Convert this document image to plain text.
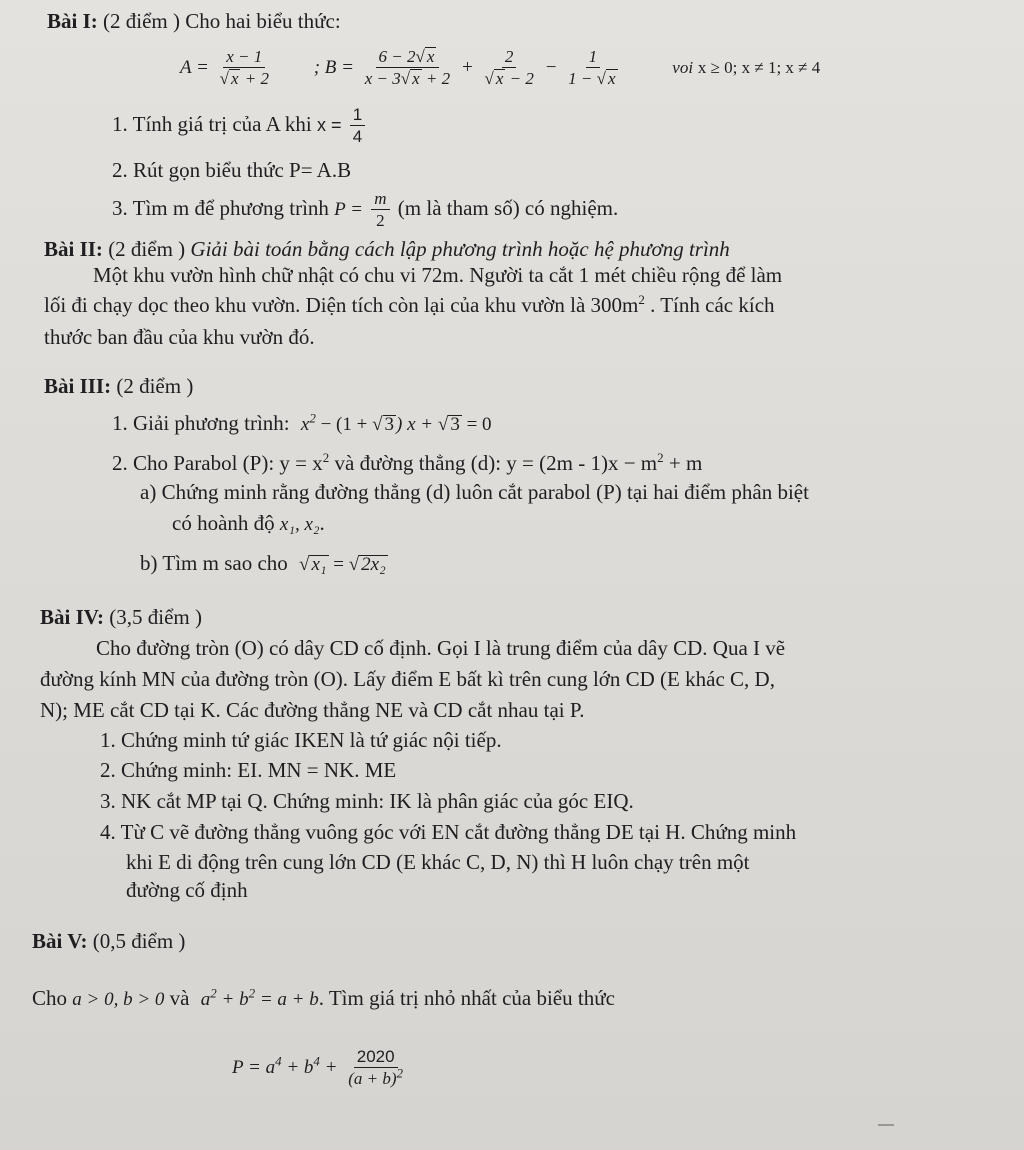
Bài I: (2 điểm ) Cho hai biểu thức:
$A = \frac{x - 1}{√ x + 2}$ ; $B = \frac{6 - 2√ x}{x - 3√ x + 2} + \frac{2}{√ x - 2} - \frac{1}{1 - √ x}$	voi x ≥ 0; x ≠ 1; x ≠ 4
1. Tính giá trị của A khi $x = \frac{1}{4}$
2. Rút gọn biểu thức P= A.B
3. Tìm m để phương trình $P = \frac{m}{2} (m$ là tham số) có nghiệm.
Bài II: (2 điểm ) Giải bài toán bằng cách lập phương trình hoặc hệ phương trình
Một khu vườn hình chữ nhật có chu vi 72m. Người ta cắt 1 mét chiều rộng để làm
lối đi chạy dọc theo khu vườn. Diện tích còn lại của khu vườn là $300m^2$ . Tính các kích
thước ban đầu của khu vườn đó.
Bài III: (2 điểm )
1. Giải phương trình: $x^2 - (1$ + √ 3 ) x + √ 3 = 0
2. Cho Parabol (P): $y = x^2$ và đường thẳng (d): $y = (2m - 1)x - m^2 + m$
a) Chứng minh rằng đường thẳng (d) luôn cắt parabol (P) tại hai điểm phân biệt
có hoành độ x₁, x₂.
b) Tìm m sao cho √ x₁ = √ 2x₂
Bài IV: (3,5 điểm )
Cho đường tròn (O) có dây CD cố định. Gọi I là trung điểm của dây CD. Qua I vẽ
đường kính MN của đường tròn (O). Lấy điểm E bất kì trên cung lớn CD (E khác C, D,
N); ME cắt CD tại K. Các đường thẳng NE và CD cắt nhau tại P.
1. Chứng minh tứ giác IKEN là tứ giác nội tiếp.
2. Chứng minh: EI. MN = NK. ME
3. NK cắt MP tại Q. Chứng minh: IK là phân giác của góc EIQ.
4. Từ C vẽ đường thẳng vuông góc với EN cắt đường thẳng DE tại H. Chứng minh
khi E di động trên cung lớn CD (E khác C, D, N) thì H luôn chạy trên một
đường cố định
Bài V: (0,5 điểm )
Cho a > 0, b > 0 và $a^2 + b^2 = a + b$. Tìm giá trị nhỏ nhất của biểu thức
$P = a^4 + b^4 + \frac{2020}{(a + b)^2}$
